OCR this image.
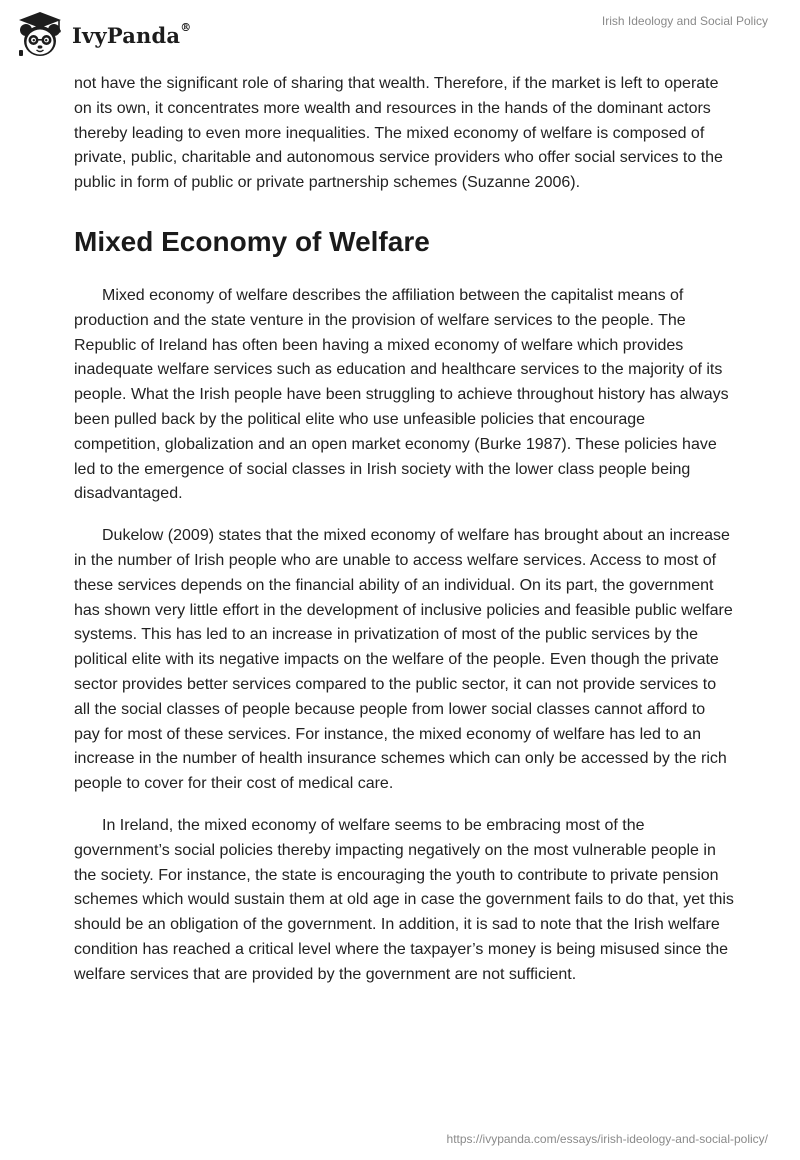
IvyPanda®	Irish Ideology and Social Policy

not have the significant role of sharing that wealth. Therefore, if the market is left to operate on its own, it concentrates more wealth and resources in the hands of the dominant actors thereby leading to even more inequalities. The mixed economy of welfare is composed of private, public, charitable and autonomous service providers who offer social services to the public in form of public or private partnership schemes (Suzanne 2006).

Mixed Economy of Welfare

Mixed economy of welfare describes the affiliation between the capitalist means of production and the state venture in the provision of welfare services to the people. The Republic of Ireland has often been having a mixed economy of welfare which provides inadequate welfare services such as education and healthcare services to the majority of its people. What the Irish people have been struggling to achieve throughout history has always been pulled back by the political elite who use unfeasible policies that encourage competition, globalization and an open market economy (Burke 1987). These policies have led to the emergence of social classes in Irish society with the lower class people being disadvantaged.

Dukelow (2009) states that the mixed economy of welfare has brought about an increase in the number of Irish people who are unable to access welfare services. Access to most of these services depends on the financial ability of an individual. On its part, the government has shown very little effort in the development of inclusive policies and feasible public welfare systems. This has led to an increase in privatization of most of the public services by the political elite with its negative impacts on the welfare of the people. Even though the private sector provides better services compared to the public sector, it can not provide services to all the social classes of people because people from lower social classes cannot afford to pay for most of these services. For instance, the mixed economy of welfare has led to an increase in the number of health insurance schemes which can only be accessed by the rich people to cover for their cost of medical care.

In Ireland, the mixed economy of welfare seems to be embracing most of the government’s social policies thereby impacting negatively on the most vulnerable people in the society. For instance, the state is encouraging the youth to contribute to private pension schemes which would sustain them at old age in case the government fails to do that, yet this should be an obligation of the government. In addition, it is sad to note that the Irish welfare condition has reached a critical level where the taxpayer’s money is being misused since the welfare services that are provided by the government are not sufficient.

https://ivypanda.com/essays/irish-ideology-and-social-policy/
